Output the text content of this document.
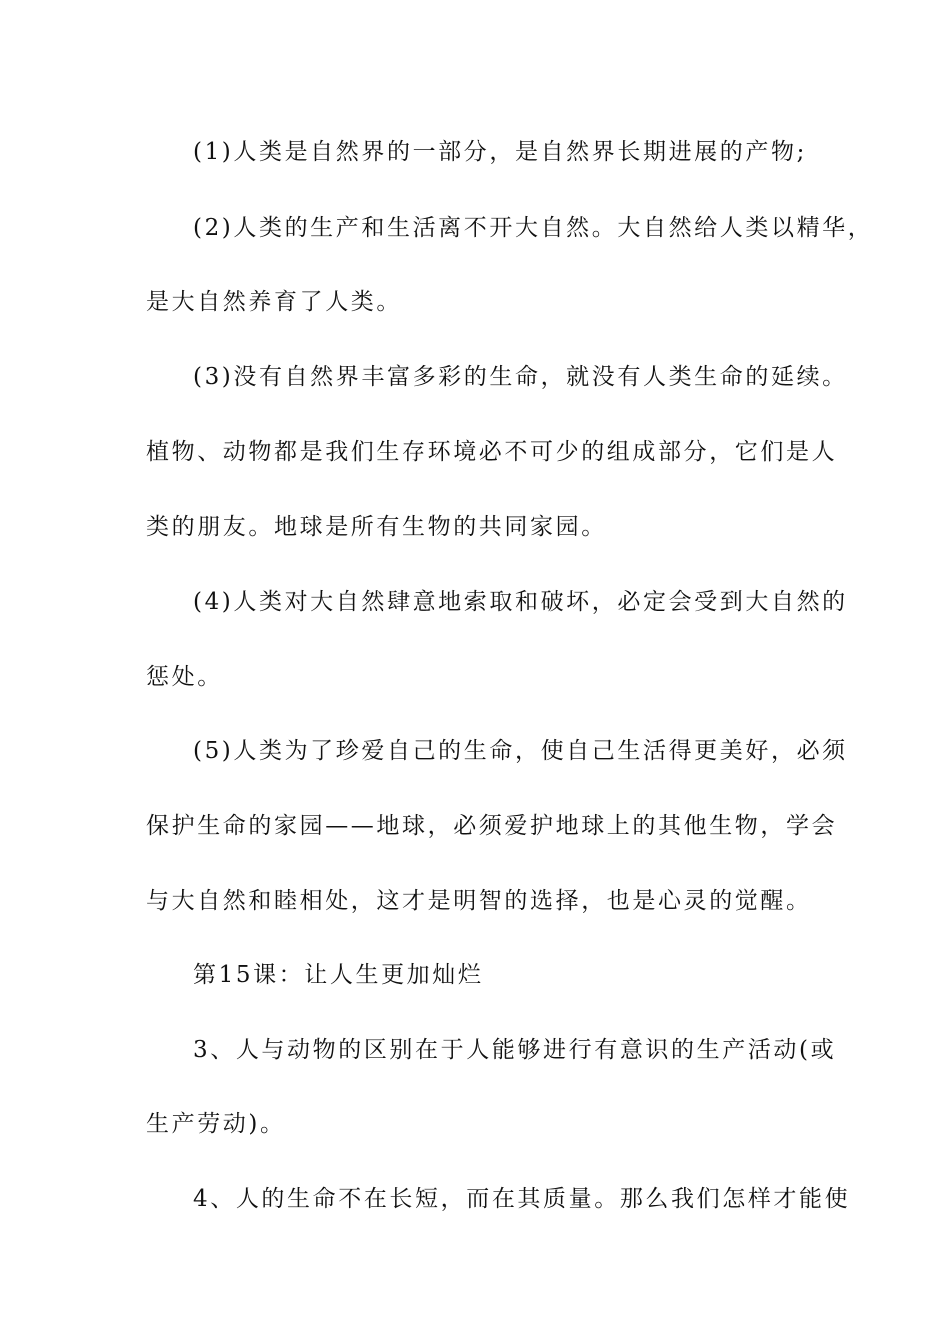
(1)人类是自然界的一部分，是自然界长期进展的产物;
(2)人类的生产和生活离不开大自然。大自然给人类以精华，
是大自然养育了人类。
(3)没有自然界丰富多彩的生命，就没有人类生命的延续。
植物、动物都是我们生存环境必不可少的组成部分，它们是人
类的朋友。地球是所有生物的共同家园。
(4)人类对大自然肆意地索取和破坏，必定会受到大自然的
惩处。
(5)人类为了珍爱自己的生命，使自己生活得更美好，必须
保护生命的家园——地球，必须爱护地球上的其他生物，学会
与大自然和睦相处，这才是明智的选择，也是心灵的觉醒。
第15课：让人生更加灿烂
3、人与动物的区别在于人能够进行有意识的生产活动(或
生产劳动)。
4、人的生命不在长短，而在其质量。那么我们怎样才能使
